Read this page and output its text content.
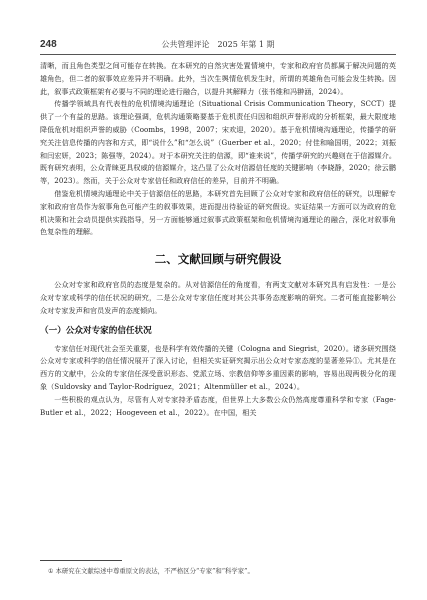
248	公共管理评论　2025 年第 1 期

清晰，而且角色类型之间可能存在转换。在本研究的自然灾害处置情境中，专家和政府官员都属于解决问题的英雄角色，但二者的叙事效应差异并不明确。此外，当次生舆情危机发生时，所谓的英雄角色可能会发生转换。因此，叙事式政策框架有必要与不同的理论进行融合，以提升其解释力（张书维和冯翀涵，2024）。

传播学领域具有代表性的危机情境沟通理论（Situational Crisis Communication Theory，SCCT）提供了一个有益的思路。该理论强调，危机沟通策略要基于危机责任归因和组织声誉形成的分析框架，最大限度地降低危机对组织声誉的威胁（Coombs，1998，2007；宋欢迎，2020）。基于危机情境沟通理论，传播学的研究关注信息传播的内容和方式，即“说什么”和“怎么说”（Guerber et al.，2020；付佳和喻国明，2022；刘振和闫宏妍，2023；陈强等，2024）。对于本研究关注的信源，即“谁来说”，传播学研究的兴趣则在于信源媒介。既有研究表明，公众青睐更具权威的信源媒介，这凸显了公众对信源信任度的关键影响（李晓静，2020；徐云鹏等，2023）。然而，关于公众对专家信任和政府信任的差异，目前并不明确。

借鉴危机情境沟通理论中关于信源信任的思路，本研究首先回顾了公众对专家和政府信任的研究，以理解专家和政府官员作为叙事角色可能产生的叙事效果，进而提出待验证的研究假设。实证结果一方面可以为政府的危机决策和社会动员提供实践指导，另一方面能够通过叙事式政策框架和危机情境沟通理论的融合，深化对叙事角色复杂性的理解。

二、文献回顾与研究假设

公众对专家和政府官员的态度是复杂的。从对信源信任的角度看，有两支文献对本研究具有启发性：一是公众对专家或科学的信任状况的研究，二是公众对专家信任度对其公共事务态度影响的研究。二者可能直接影响公众对专家发声和官员发声的态度倾向。

（一）公众对专家的信任状况

专家信任对现代社会至关重要，也是科学有效传播的关键（Cologna and Siegrist，2020）。诸多研究围绕公众对专家或科学的信任情况展开了深入讨论，但相关实证研究揭示出公众对专家态度的显著差异①。尤其是在西方的文献中，公众的专家信任深受意识形态、党派立场、宗教信仰等多重因素的影响，容易出现两极分化的现象（Suldovsky and Taylor-Rodríguez，2021；Altenmüller et al.，2024）。

一些积极的观点认为，尽管有人对专家持矛盾态度，但世界上大多数公众仍然高度尊重科学和专家（Fage-Butler et al.，2022；Hoogeveen et al.，2022）。在中国，相关

① 本研究在文献综述中尊重原文的表达，不严格区分“专家”和“科学家”。
